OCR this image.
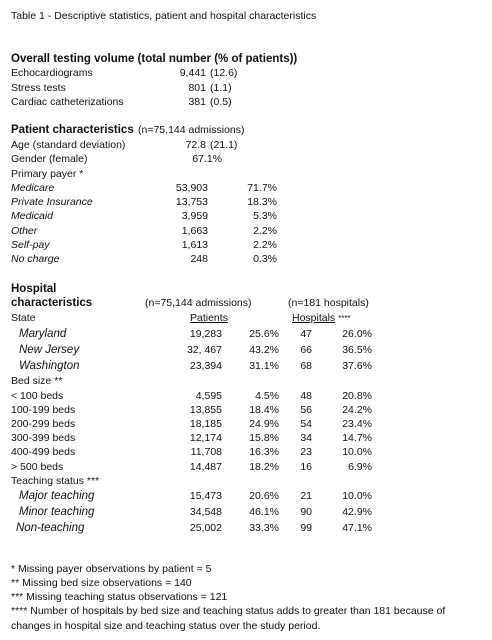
Table 1 - Descriptive statistics, patient and hospital characteristics
Overall testing volume (total number (% of patients))
Echocardiograms	9,441 (12.6)
Stress tests	801 (1.1)
Cardiac catheterizations	381 (0.5)
Patient characteristics (n=75,144 admissions)
Age (standard deviation)	72.8 (21.1)
Gender (female)	67.1%
Primary payer *
Medicare	53,903	71.7%
Private Insurance	13,753	18.3%
Medicaid	3,959	5.3%
Other	1,663	2.2%
Self-pay	1,613	2.2%
No charge	248	0.3%
Hospital
characteristics	(n=75,144 admissions)	(n=181 hospitals)
State	Patients	Hospitals ****
Maryland	19,283	25.6%	47	26.0%
New Jersey	32, 467	43.2%	66	36.5%
Washington	23,394	31.1%	68	37.6%
Bed size **
< 100 beds	4,595	4.5%	48	20.8%
100-199 beds	13,855	18.4%	56	24.2%
200-299 beds	18,185	24.9%	54	23.4%
300-399 beds	12,174	15.8%	34	14.7%
400-499 beds	11,708	16.3%	23	10.0%
> 500 beds	14,487	18.2%	16	6.9%
Teaching status ***
Major teaching	15,473	20.6%	21	10.0%
Minor teaching	34,548	46.1%	90	42.9%
Non-teaching	25,002	33.3%	99	47.1%
* Missing payer observations by patient = 5
** Missing bed size observations = 140
*** Missing teaching status observations = 121
**** Number of hospitals by bed size and teaching status adds to greater than 181 because of
changes in hospital size and teaching status over the study period.
